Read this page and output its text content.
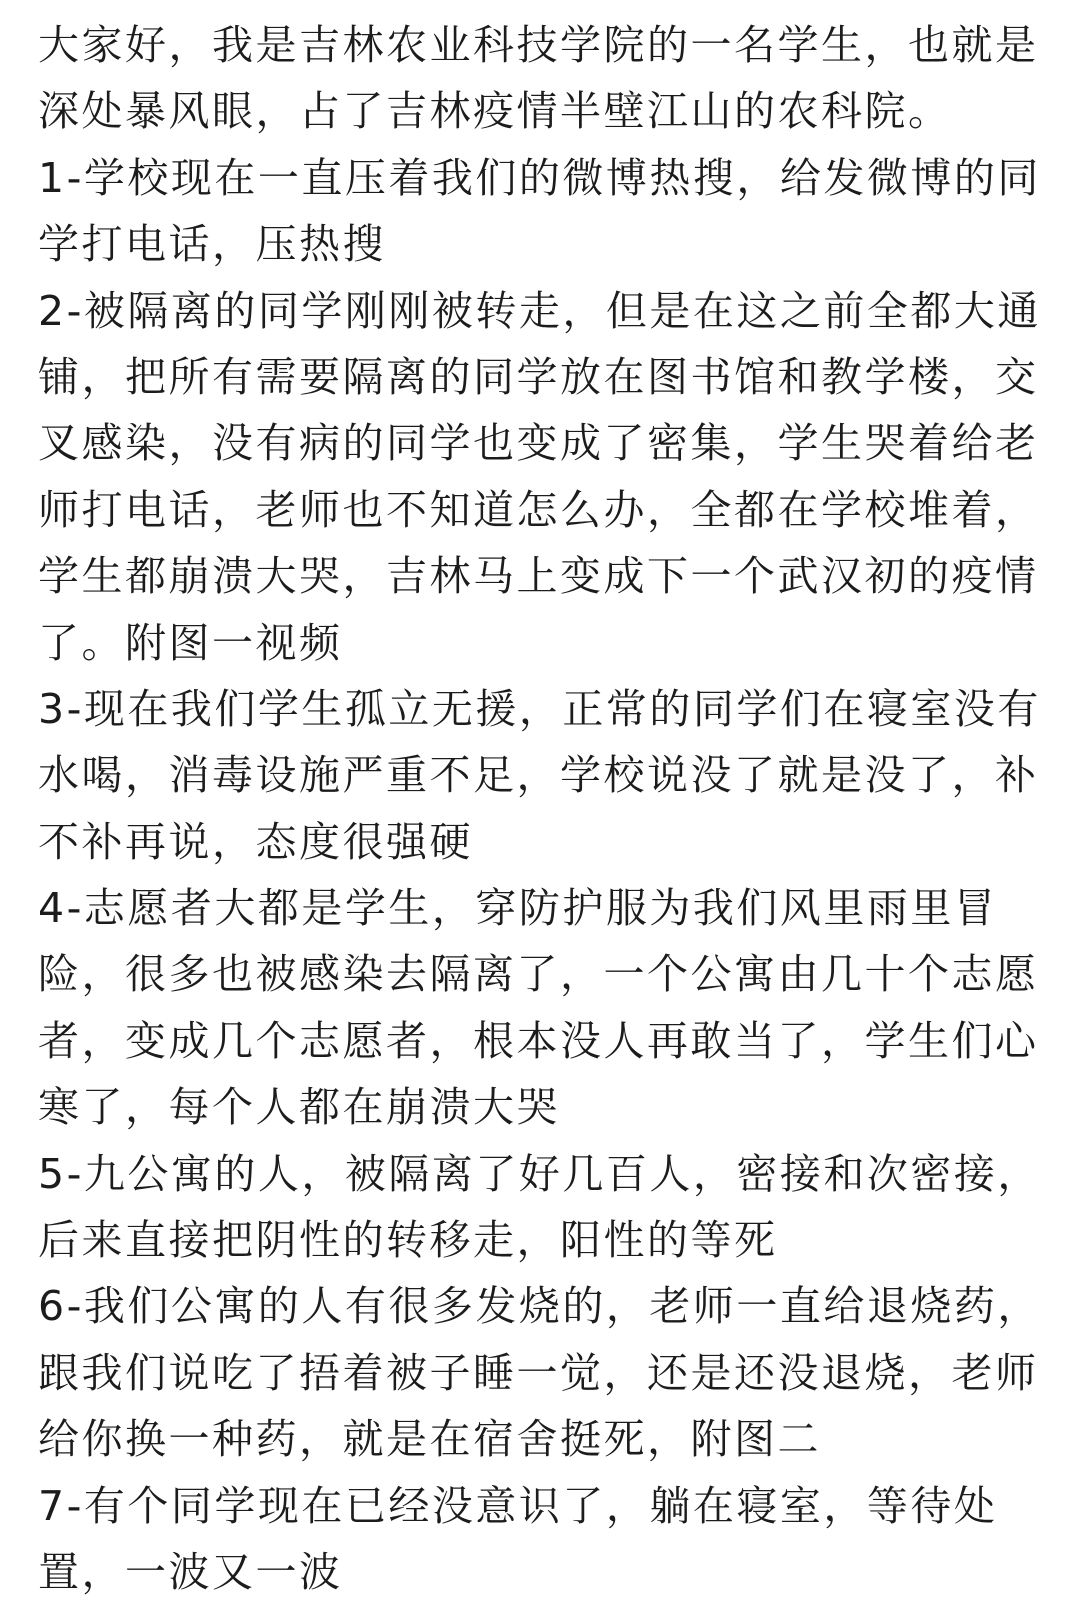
大家好，我是吉林农业科技学院的一名学生，也就是
深处暴风眼，占了吉林疫情半壁江山的农科院。
1-学校现在一直压着我们的微博热搜，给发微博的同
学打电话，压热搜
2-被隔离的同学刚刚被转走，但是在这之前全都大通
铺，把所有需要隔离的同学放在图书馆和教学楼，交
叉感染，没有病的同学也变成了密集，学生哭着给老
师打电话，老师也不知道怎么办，全都在学校堆着，
学生都崩溃大哭，吉林马上变成下一个武汉初的疫情
了。附图一视频
3-现在我们学生孤立无援，正常的同学们在寝室没有
水喝，消毒设施严重不足，学校说没了就是没了，补
不补再说，态度很强硬
4-志愿者大都是学生，穿防护服为我们风里雨里冒
险，很多也被感染去隔离了，一个公寓由几十个志愿
者，变成几个志愿者，根本没人再敢当了，学生们心
寒了，每个人都在崩溃大哭
5-九公寓的人，被隔离了好几百人，密接和次密接，
后来直接把阴性的转移走，阳性的等死
6-我们公寓的人有很多发烧的，老师一直给退烧药，
跟我们说吃了捂着被子睡一觉，还是还没退烧，老师
给你换一种药，就是在宿舍挺死，附图二
7-有个同学现在已经没意识了，躺在寝室，等待处
置，一波又一波
